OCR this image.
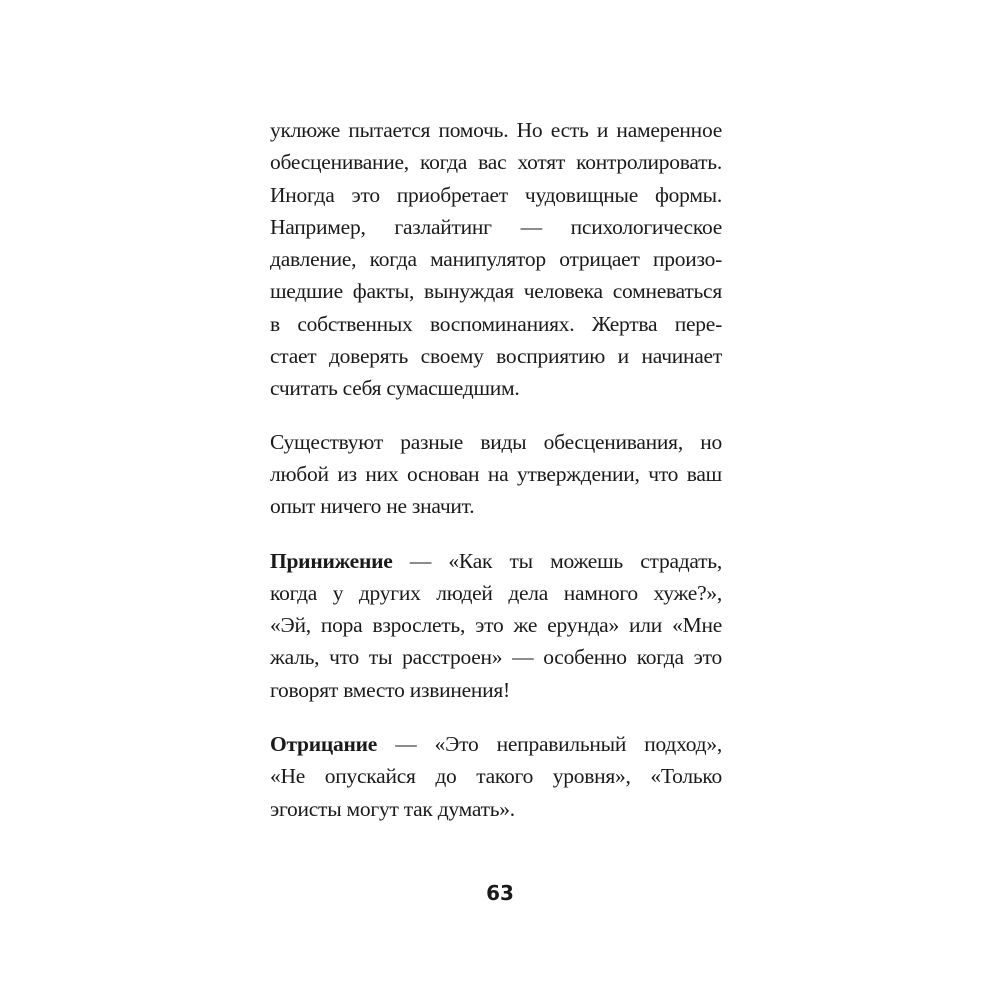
уклюже пытается помочь. Но есть и намеренное
обесценивание, когда вас хотят контролировать.
Иногда это приобретает чудовищные формы.
Например, газлайтинг — психологическое
давление, когда манипулятор отрицает произо-
шедшие факты, вынуждая человека сомневаться
в собственных воспоминаниях. Жертва пере-
стает доверять своему восприятию и начинает
считать себя сумасшедшим.
Существуют разные виды обесценивания, но
любой из них основан на утверждении, что ваш
опыт ничего не значит.
Принижение — «Как ты можешь страдать,
когда у других людей дела намного хуже?»,
«Эй, пора взрослеть, это же ерунда» или «Мне
жаль, что ты расстроен» — особенно когда это
говорят вместо извинения!
Отрицание — «Это неправильный подход»,
«Не опускайся до такого уровня», «Только
эгоисты могут так думать».
63
